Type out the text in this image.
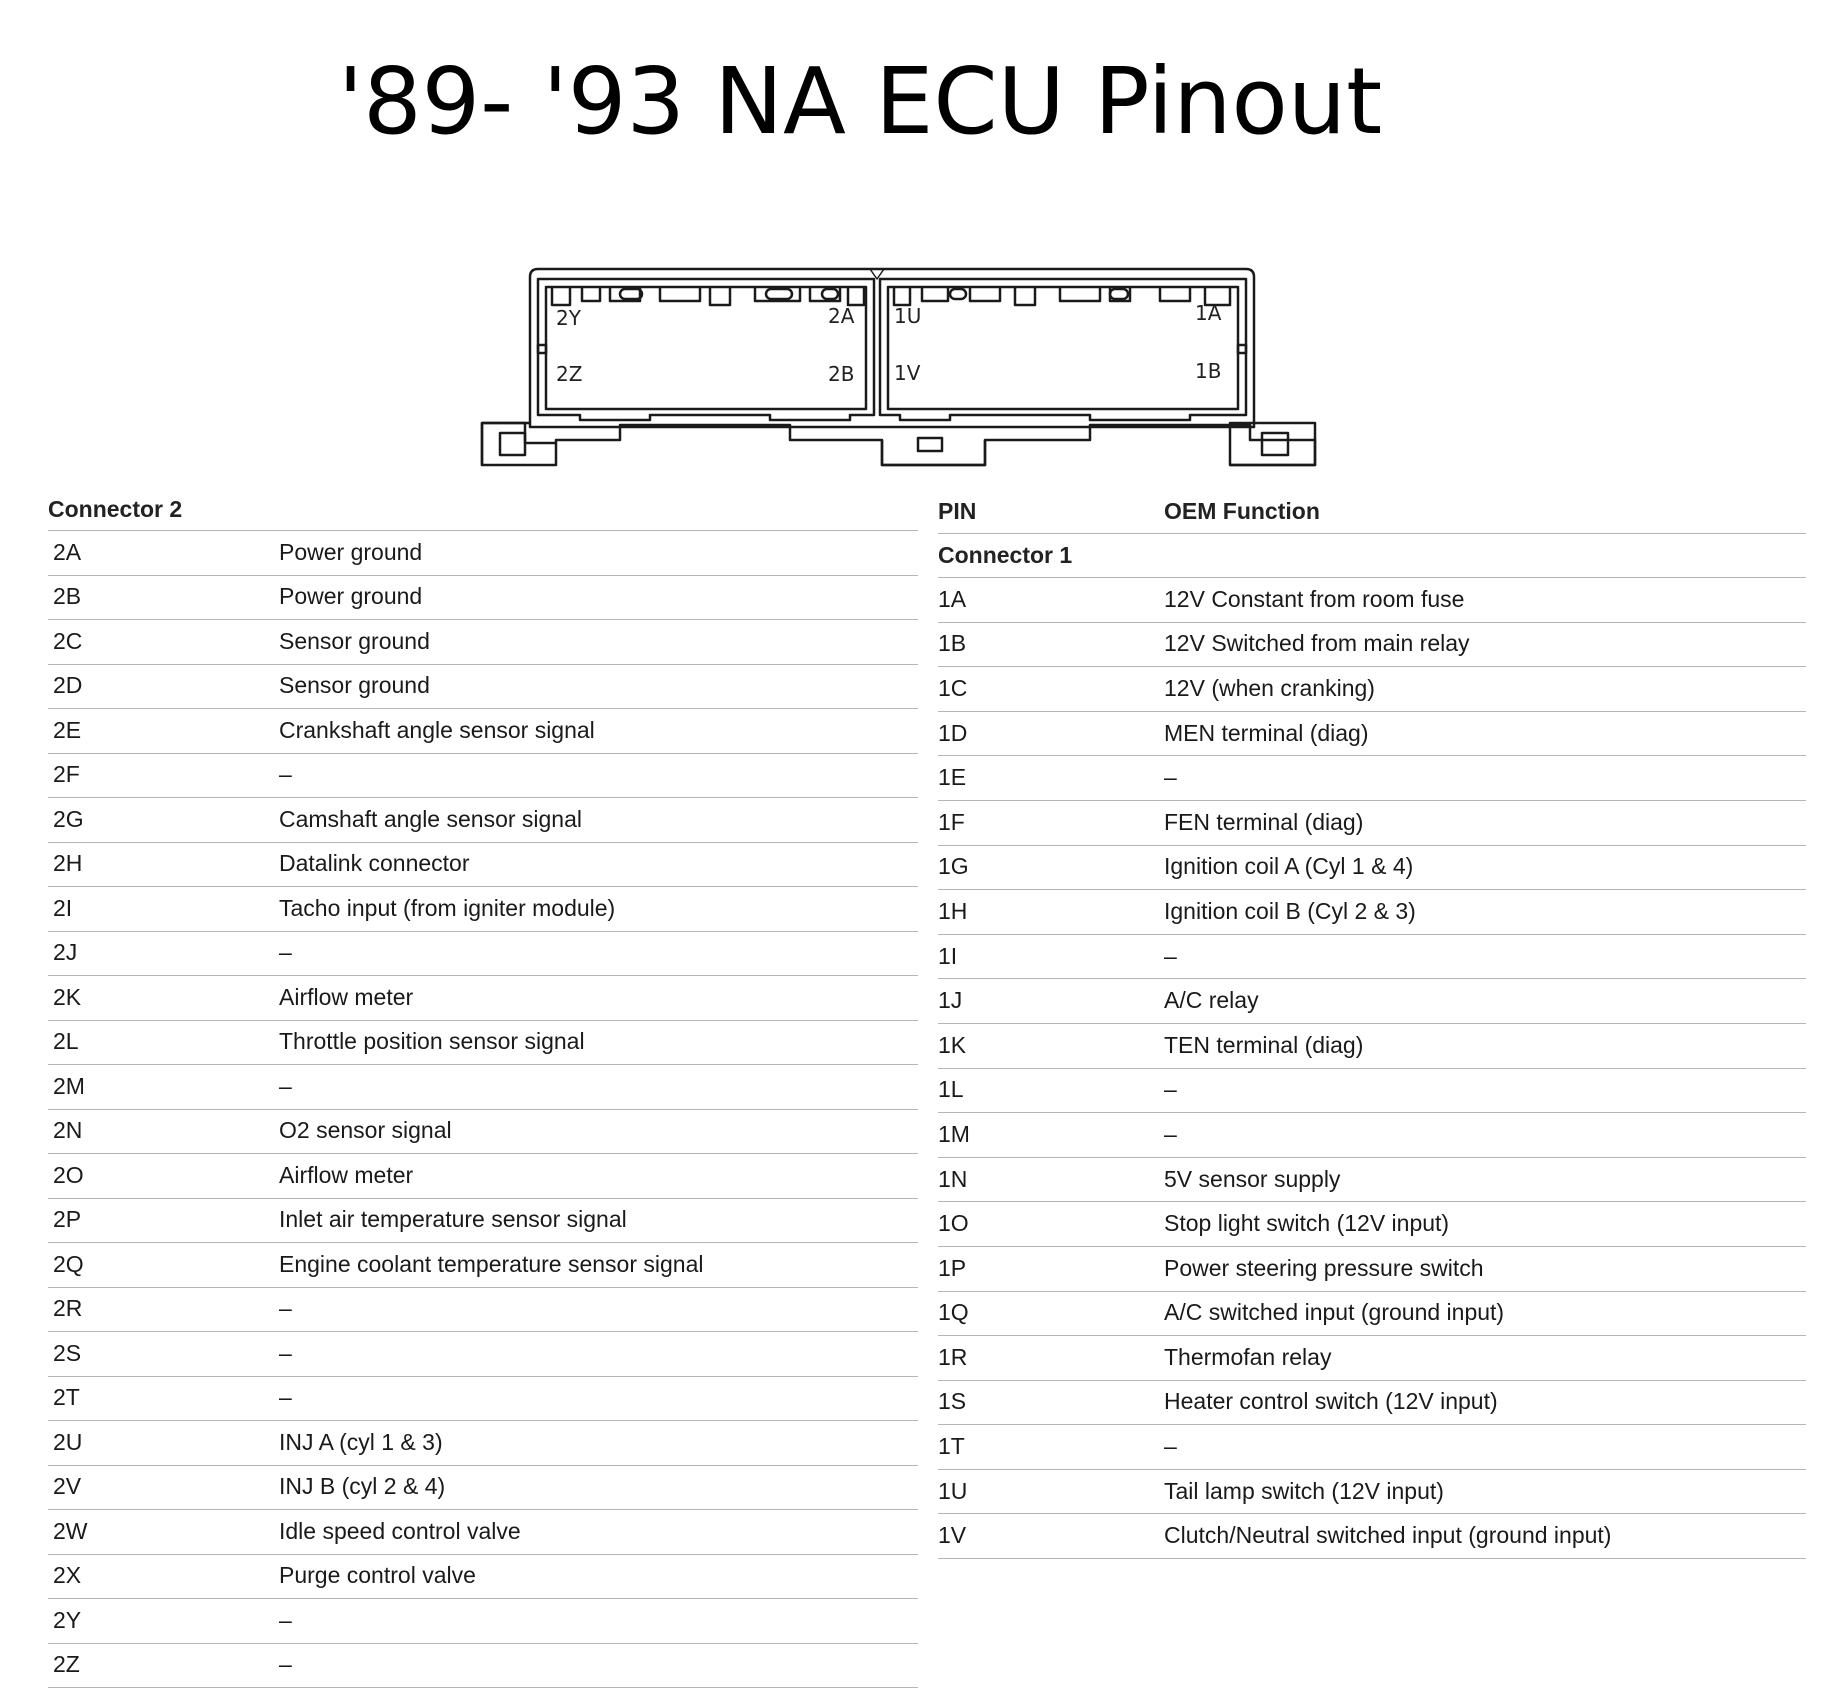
'89- '93 NA ECU Pinout
2Y	2A
2Z	2B
1U	1A
1V	1B
Connector 2
2A	Power ground
2B	Power ground
2C	Sensor ground
2D	Sensor ground
2E	Crankshaft angle sensor signal
2F	–
2G	Camshaft angle sensor signal
2H	Datalink connector
2I	Tacho input (from igniter module)
2J	–
2K	Airflow meter
2L	Throttle position sensor signal
2M	–
2N	O2 sensor signal
2O	Airflow meter
2P	Inlet air temperature sensor signal
2Q	Engine coolant temperature sensor signal
2R	–
2S	–
2T	–
2U	INJ A (cyl 1 & 3)
2V	INJ B (cyl 2 & 4)
2W	Idle speed control valve
2X	Purge control valve
2Y	–
2Z	–
PIN	OEM Function
Connector 1
1A	12V Constant from room fuse
1B	12V Switched from main relay
1C	12V (when cranking)
1D	MEN terminal (diag)
1E	–
1F	FEN terminal (diag)
1G	Ignition coil A (Cyl 1 & 4)
1H	Ignition coil B (Cyl 2 & 3)
1I	–
1J	A/C relay
1K	TEN terminal (diag)
1L	–
1M	–
1N	5V sensor supply
1O	Stop light switch (12V input)
1P	Power steering pressure switch
1Q	A/C switched input (ground input)
1R	Thermofan relay
1S	Heater control switch (12V input)
1T	–
1U	Tail lamp switch (12V input)
1V	Clutch/Neutral switched input (ground input)
